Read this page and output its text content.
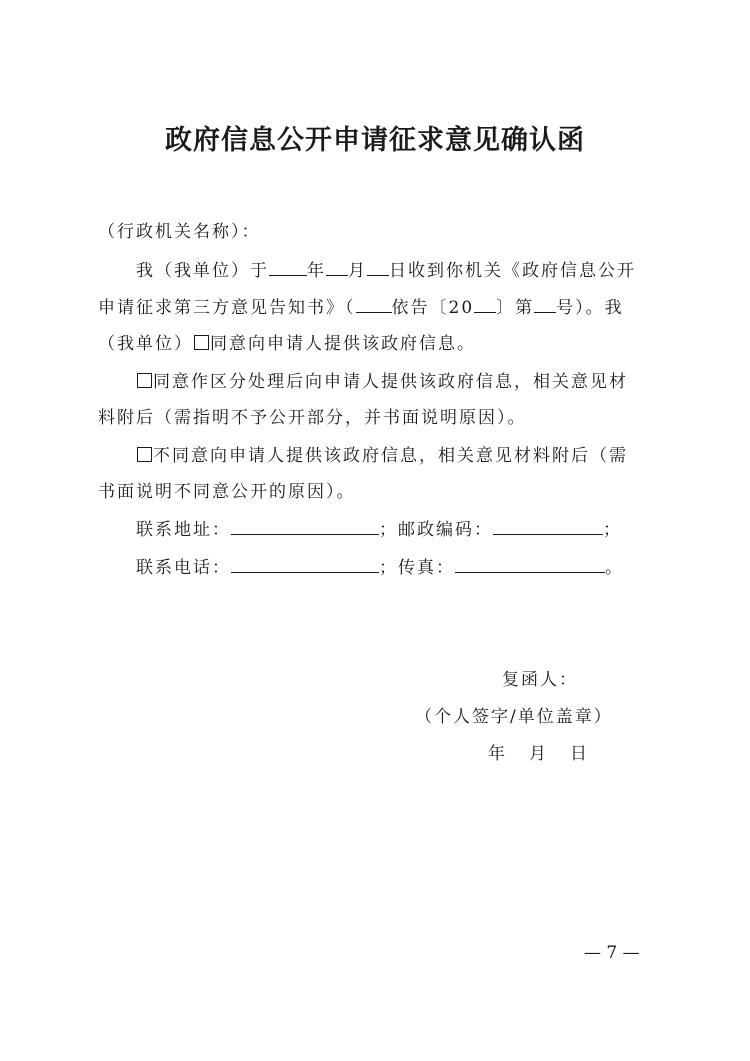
政府信息公开申请征求意见确认函

（行政机关名称）：

我（我单位）于 年 月 日收到你机关《政府信息公开

申请征求第三方意见告知书》（ 依告〔20 〕第 号）。我

（我单位） 同意向申请人提供该政府信息。

同意作区分处理后向申请人提供该政府信息，相关意见材

料附后（需指明不予公开部分，并书面说明原因）。

不同意向申请人提供该政府信息，相关意见材料附后（需

书面说明不同意公开的原因）。

联系地址：	；邮政编码：	；

联系电话：	；传真：	。

复函人：
（个人签字/单位盖章）
年 月 日
— 7 —
